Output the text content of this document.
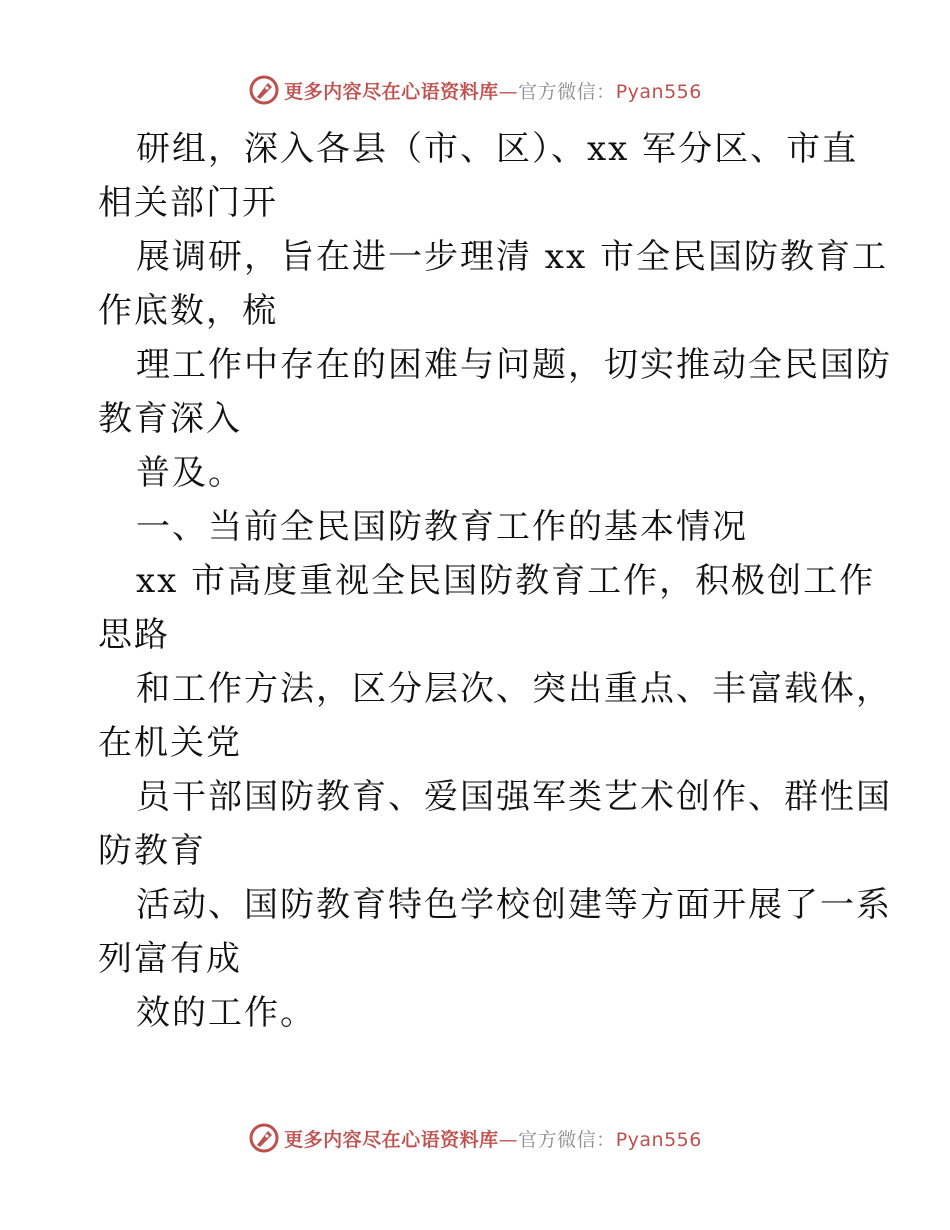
更多内容尽在心语资料库—官方微信：Pyan556
研组，深入各县（市、区）、xx 军分区、市直
相关部门开
展调研，旨在进一步理清 xx 市全民国防教育工
作底数，梳
理工作中存在的困难与问题，切实推动全民国防
教育深入
普及。
一、当前全民国防教育工作的基本情况
xx 市高度重视全民国防教育工作，积极创工作
思路
和工作方法，区分层次、突出重点、丰富载体，
在机关党
员干部国防教育、爱国强军类艺术创作、群性国
防教育
活动、国防教育特色学校创建等方面开展了一系
列富有成
效的工作。
更多内容尽在心语资料库—官方微信：Pyan556
